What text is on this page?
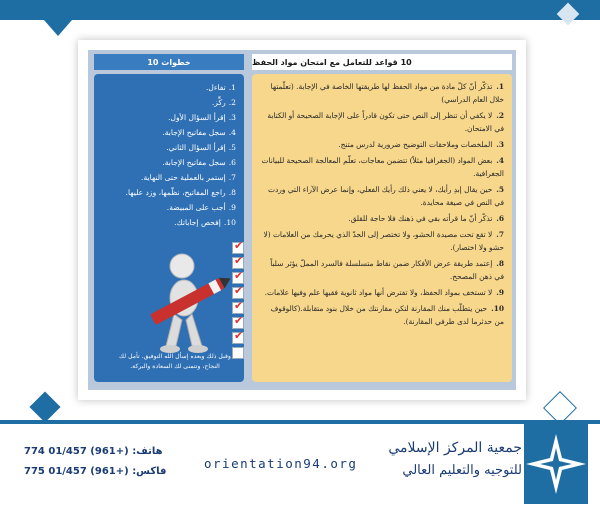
10 قواعد للتعامل مع امتحان مواد الحفظ
10 خطوات
1.تذكّر أنّ كلّ مادة من مواد الحفظ لها طريقتها الخاصة في الإجابة. (تعلّمتها خلال العام الدراسي)
2.لا يكفي أن تنظر إلى النص حتى تكون قادراً على الإجابة الصحيحة أو الكتابة في الامتحان.
3.الملخصات وملاحقات التوضيح ضرورية لدرس متنج.
4.بعض المواد (الجغرافيا مثلاً) تتضمن معاجات، تعلّم المعالجة الصحيحة للبيانات الجغرافية.
5.حين يقال إبدِ رأيك، لا يعني ذلك رأيك الفعلي، وإنما عرض الآراء التي وردت في النص في صيغة محايدة.
6.تذكّر أنّ ما قرأته بقي في ذهنك فلا حاجة للقلق.
7.لا تقع تحت مصيدة الحشو، ولا تختصر إلى الحدّ الذي يحرمك من العلامات (لا حشو ولا اختصار).
8.إعتمد طريقة عرض الأفكار ضمن نقاط متسلسلة فالسرد المملّ يؤثر سلباً في ذهن المصحح.
9.لا تستخف بمواد الحفظ، ولا تفترض أنها مواد ثانوية فقيها علم وفيها علامات.
10.حين يتطلّب منك المقارنة لتكن مقارنتك من خلال بنود متقابلة.(كالوقوف من حدثرما لدى طرفي المقارنة).
1.تفاءل.
2.ركِّز.
3.إقرأ السؤال الأول.
4.سجل مفاتيح الإجابة.
5.إقرأ السؤال الثاني.
6.سجل مفاتيح الإجابة.
7.إستمر بالعملية حتى النهاية.
8.راجع المفاتيح، نظّمها، وزد عليها.
9.أجب على المبيضة.
10.إفحص إجاباتك.
✔
✔
✔
✔
✔
✔
✔
وقبل ذلك وبعده إسأل الله التوفيق. تأمل لك النجاح، وتتمنى لك السعادة والبركة.
هاتف: (+961) 01/457 774
فاكس: (+961) 01/457 775
orientation94.org
جمعية المركز الإسلامي
للتوجيه والتعليم العالي
